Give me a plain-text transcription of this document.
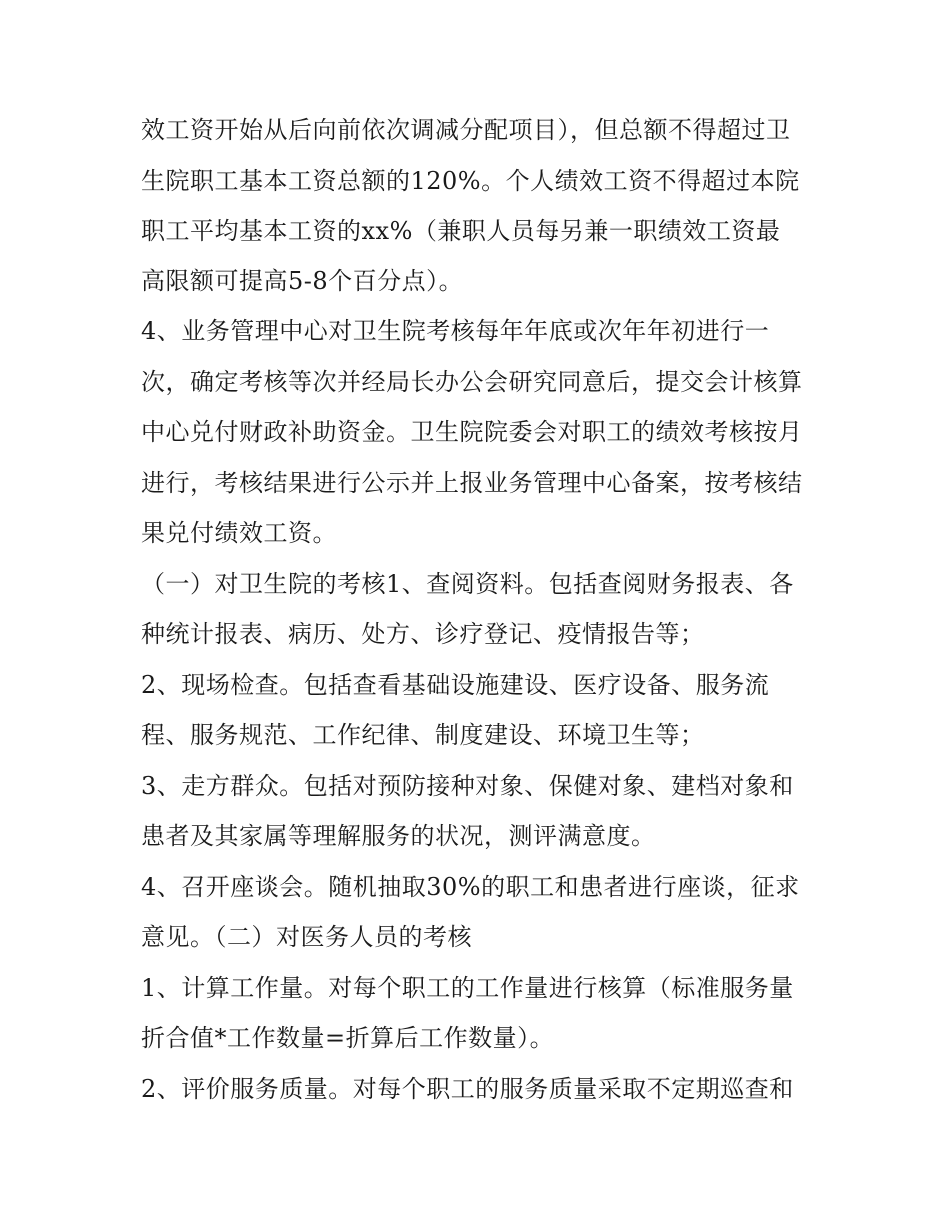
效工资开始从后向前依次调减分配项目），但总额不得超过卫
生院职工基本工资总额的120%。个人绩效工资不得超过本院
职工平均基本工资的xx%（兼职人员每另兼一职绩效工资最
高限额可提高5-8个百分点）。
4、业务管理中心对卫生院考核每年年底或次年年初进行一
次，确定考核等次并经局长办公会研究同意后，提交会计核算
中心兑付财政补助资金。卫生院院委会对职工的绩效考核按月
进行，考核结果进行公示并上报业务管理中心备案，按考核结
果兑付绩效工资。
（一）对卫生院的考核1、查阅资料。包括查阅财务报表、各
种统计报表、病历、处方、诊疗登记、疫情报告等；
2、现场检查。包括查看基础设施建设、医疗设备、服务流
程、服务规范、工作纪律、制度建设、环境卫生等；
3、走方群众。包括对预防接种对象、保健对象、建档对象和
患者及其家属等理解服务的状况，测评满意度。
4、召开座谈会。随机抽取30%的职工和患者进行座谈，征求
意见。（二）对医务人员的考核
1、计算工作量。对每个职工的工作量进行核算（标准服务量
折合值*工作数量=折算后工作数量）。
2、评价服务质量。对每个职工的服务质量采取不定期巡查和
